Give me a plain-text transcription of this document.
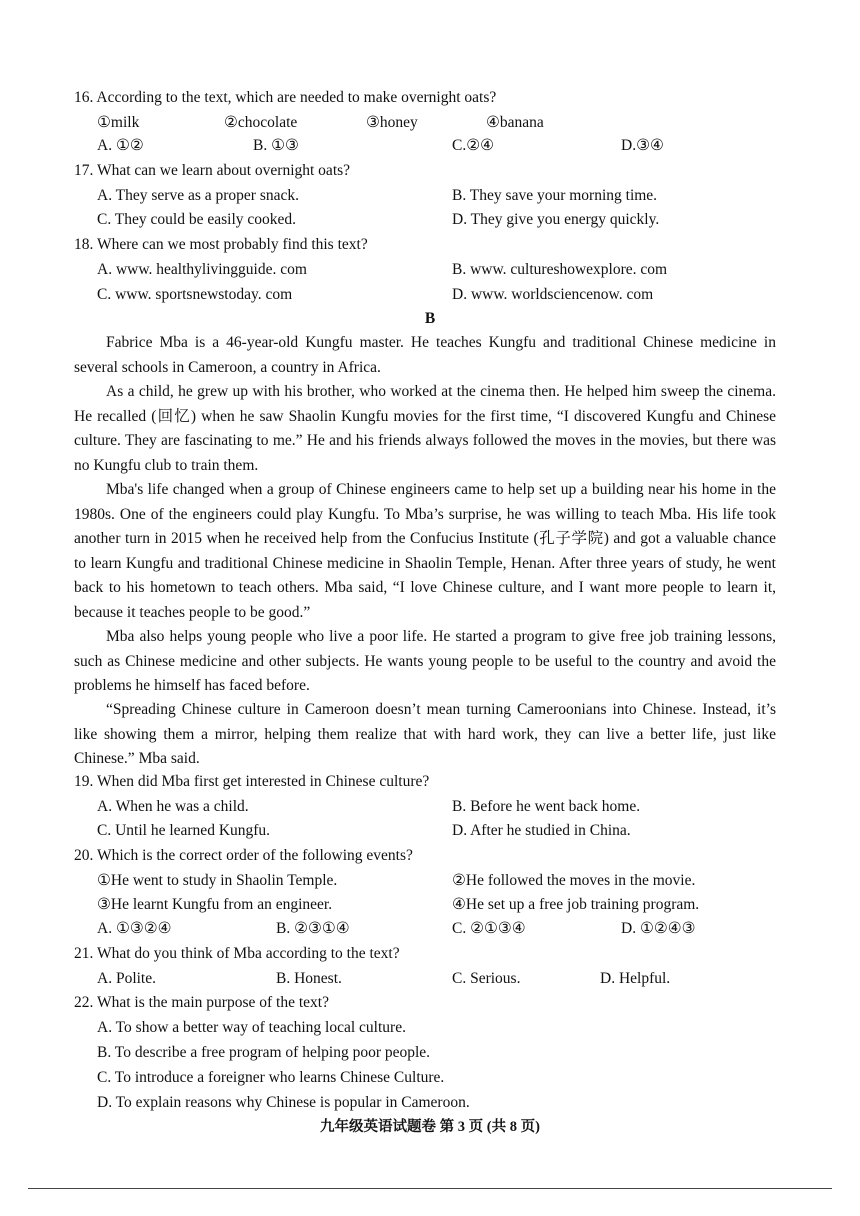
16. According to the text, which are needed to make overnight oats?
①milk	②chocolate	③honey	④banana
A. ①②	B. ①③	C.②④	D.③④
17. What can we learn about overnight oats?
A. They serve as a proper snack.	B. They save your morning time.
C. They could be easily cooked.	D. They give you energy quickly.
18. Where can we most probably find this text?
A. www. healthylivingguide. com	B. www. cultureshowexplore. com
C. www. sportsnewstoday. com	D. www. worldsciencenow. com
B
Fabrice Mba is a 46-year-old Kungfu master. He teaches Kungfu and traditional Chinese medicine in several schools in Cameroon, a country in Africa.
As a child, he grew up with his brother, who worked at the cinema then. He helped him sweep the cinema. He recalled (回忆) when he saw Shaolin Kungfu movies for the first time, “I discovered Kungfu and Chinese culture. They are fascinating to me.” He and his friends always followed the moves in the movies, but there was no Kungfu club to train them.
Mba's life changed when a group of Chinese engineers came to help set up a building near his home in the 1980s. One of the engineers could play Kungfu. To Mba’s surprise, he was willing to teach Mba. His life took another turn in 2015 when he received help from the Confucius Institute (孔子学院) and got a valuable chance to learn Kungfu and traditional Chinese medicine in Shaolin Temple, Henan. After three years of study, he went back to his hometown to teach others. Mba said, “I love Chinese culture, and I want more people to learn it, because it teaches people to be good.”
Mba also helps young people who live a poor life. He started a program to give free job training lessons, such as Chinese medicine and other subjects. He wants young people to be useful to the country and avoid the problems he himself has faced before.
“Spreading Chinese culture in Cameroon doesn’t mean turning Cameroonians into Chinese. Instead, it’s like showing them a mirror, helping them realize that with hard work, they can live a better life, just like Chinese.” Mba said.
19. When did Mba first get interested in Chinese culture?
A. When he was a child.	B. Before he went back home.
C. Until he learned Kungfu.	D. After he studied in China.
20. Which is the correct order of the following events?
①He went to study in Shaolin Temple.	②He followed the moves in the movie.
③He learnt Kungfu from an engineer.	④He set up a free job training program.
A. ①③②④	B. ②③①④	C. ②①③④	D. ①②④③
21. What do you think of Mba according to the text?
A. Polite.	B. Honest.	C. Serious.	D. Helpful.
22. What is the main purpose of the text?
A. To show a better way of teaching local culture.
B. To describe a free program of helping poor people.
C. To introduce a foreigner who learns Chinese Culture.
D. To explain reasons why Chinese is popular in Cameroon.
九年级英语试题卷 第 3 页 (共 8 页)
